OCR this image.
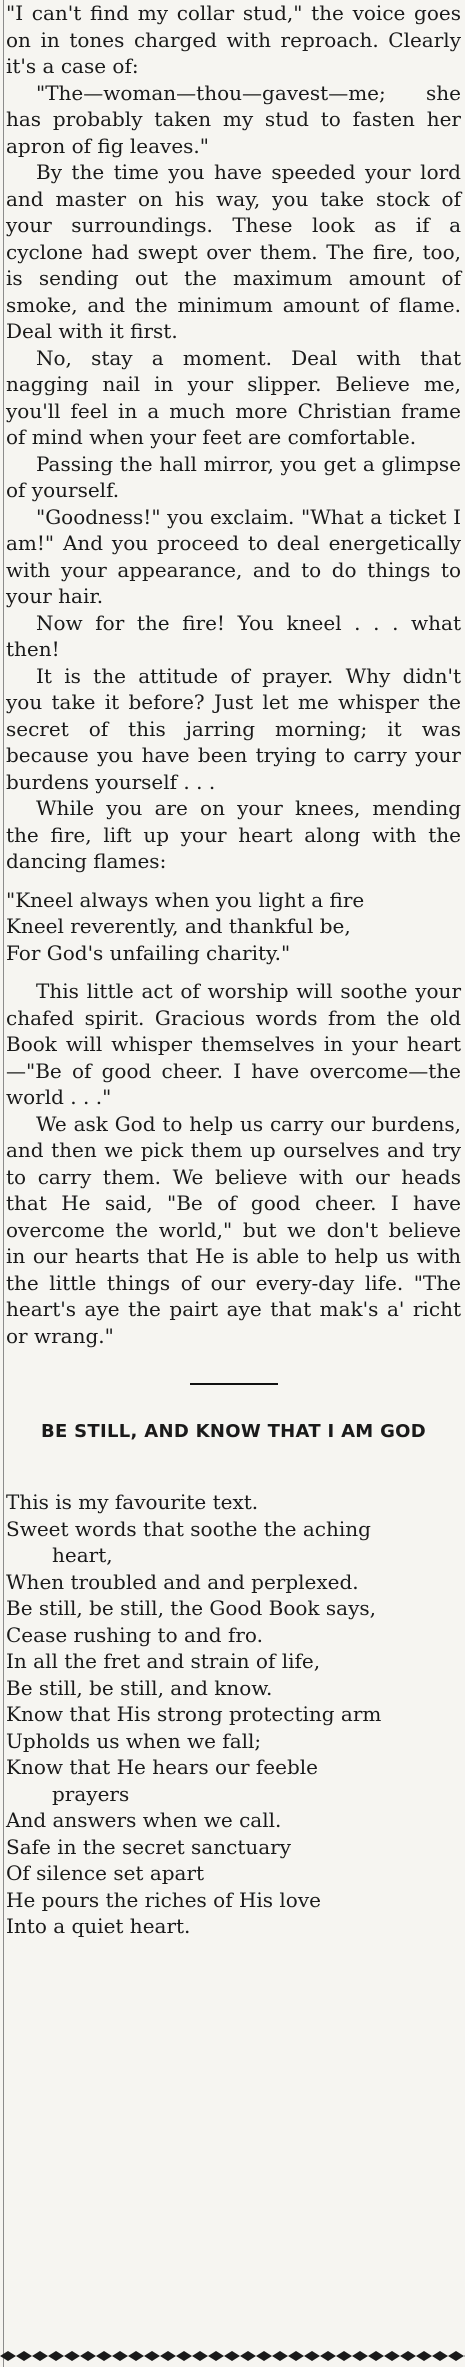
"I can't find my collar stud," the voice goes on in tones charged with reproach. Clearly it's a case of:

"The—woman—thou—gavest—me; she has probably taken my stud to fasten her apron of fig leaves."

By the time you have speeded your lord and master on his way, you take stock of your surroundings. These look as if a cyclone had swept over them. The fire, too, is sending out the maximum amount of smoke, and the minimum amount of flame. Deal with it first.

No, stay a moment. Deal with that nagging nail in your slipper. Believe me, you'll feel in a much more Christian frame of mind when your feet are comfortable.

Passing the hall mirror, you get a glimpse of yourself.

"Goodness!" you exclaim. "What a ticket I am!" And you proceed to deal energetically with your appearance, and to do things to your hair.

Now for the fire! You kneel . . . what then!

It is the attitude of prayer. Why didn't you take it before? Just let me whisper the secret of this jarring morning; it was because you have been trying to carry your burdens yourself . . .

While you are on your knees, mending the fire, lift up your heart along with the dancing flames:

"Kneel always when you light a fire
Kneel reverently, and thankful be,
For God's unfailing charity."

This little act of worship will soothe your chafed spirit. Gracious words from the old Book will whisper themselves in your heart—"Be of good cheer. I have overcome—the world . . ."

We ask God to help us carry our burdens, and then we pick them up ourselves and try to carry them. We believe with our heads that He said, "Be of good cheer. I have overcome the world," but we don't believe in our hearts that He is able to help us with the little things of our every-day life. "The heart's aye the pairt aye that mak's a' richt or wrang."

BE STILL, AND KNOW THAT I AM GOD
This is my favourite text.
Sweet words that soothe the aching
heart,
When troubled and and perplexed.
Be still, be still, the Good Book says,
Cease rushing to and fro.
In all the fret and strain of life,
Be still, be still, and know.
Know that His strong protecting arm
Upholds us when we fall;
Know that He hears our feeble
prayers
And answers when we call.
Safe in the secret sanctuary
Of silence set apart
He pours the riches of His love
Into a quiet heart.
